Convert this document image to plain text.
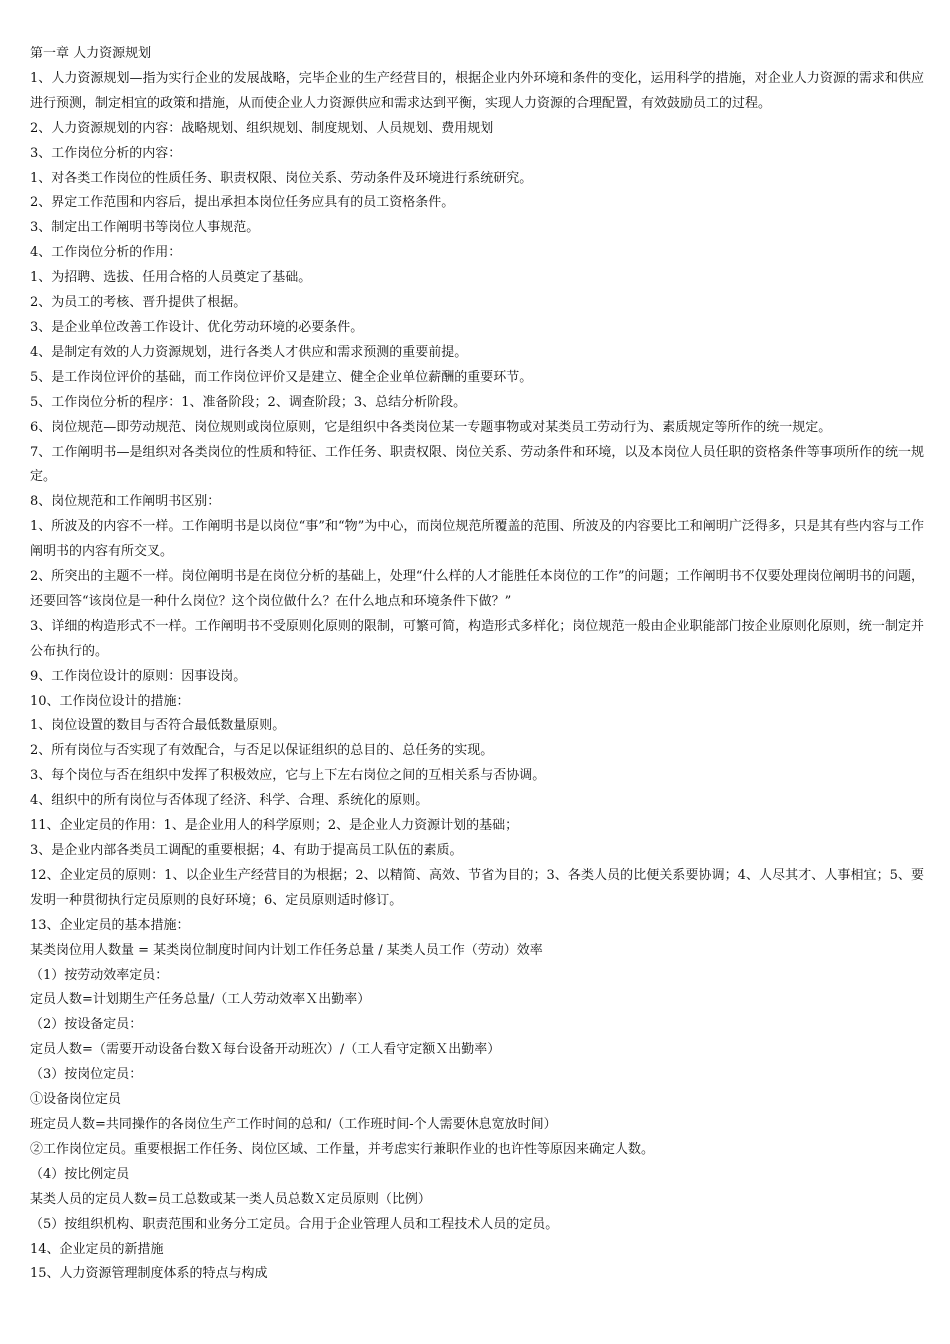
第一章 人力资源规划

1、人力资源规划—指为实行企业的发展战略，完毕企业的生产经营目的，根据企业内外环境和条件的变化，运用科学的措施，对企业人力资源的需求和供应进行预测，制定相宜的政策和措施，从而使企业人力资源供应和需求达到平衡，实现人力资源的合理配置，有效鼓励员工的过程。

2、人力资源规划的内容：战略规划、组织规划、制度规划、人员规划、费用规划

3、工作岗位分析的内容：

1、对各类工作岗位的性质任务、职责权限、岗位关系、劳动条件及环境进行系统研究。

2、界定工作范围和内容后，提出承担本岗位任务应具有的员工资格条件。

3、制定出工作阐明书等岗位人事规范。

4、工作岗位分析的作用：

1、为招聘、选拔、任用合格的人员奠定了基础。

2、为员工的考核、晋升提供了根据。

3、是企业单位改善工作设计、优化劳动环境的必要条件。

4、是制定有效的人力资源规划，进行各类人才供应和需求预测的重要前提。

5、是工作岗位评价的基础，而工作岗位评价又是建立、健全企业单位薪酬的重要环节。

5、工作岗位分析的程序：1、准备阶段；2、调查阶段；3、总结分析阶段。

6、岗位规范—即劳动规范、岗位规则或岗位原则，它是组织中各类岗位某一专题事物或对某类员工劳动行为、素质规定等所作的统一规定。

7、工作阐明书—是组织对各类岗位的性质和特征、工作任务、职责权限、岗位关系、劳动条件和环境，以及本岗位人员任职的资格条件等事项所作的统一规定。

8、岗位规范和工作阐明书区别：

1、所波及的内容不一样。工作阐明书是以岗位“事”和“物”为中心，而岗位规范所覆盖的范围、所波及的内容要比工和阐明广泛得多，只是其有些内容与工作阐明书的内容有所交叉。

2、所突出的主题不一样。岗位阐明书是在岗位分析的基础上，处理“什么样的人才能胜任本岗位的工作”的问题；工作阐明书不仅要处理岗位阐明书的问题，还要回答“该岗位是一种什么岗位？这个岗位做什么？在什么地点和环境条件下做？”

3、详细的构造形式不一样。工作阐明书不受原则化原则的限制，可繁可简，构造形式多样化；岗位规范一般由企业职能部门按企业原则化原则，统一制定并公布执行的。

9、工作岗位设计的原则：因事设岗。

10、工作岗位设计的措施：

1、岗位设置的数目与否符合最低数量原则。

2、所有岗位与否实现了有效配合，与否足以保证组织的总目的、总任务的实现。

3、每个岗位与否在组织中发挥了积极效应，它与上下左右岗位之间的互相关系与否协调。

4、组织中的所有岗位与否体现了经济、科学、合理、系统化的原则。

11、企业定员的作用：1、是企业用人的科学原则；2、是企业人力资源计划的基础；

3、是企业内部各类员工调配的重要根据；4、有助于提高员工队伍的素质。

12、企业定员的原则：1、以企业生产经营目的为根据；2、以精简、高效、节省为目的；3、各类人员的比便关系要协调；4、人尽其才、人事相宜；5、要发明一种贯彻执行定员原则的良好环境；6、定员原则适时修订。

13、企业定员的基本措施：

某类岗位用人数量 = 某类岗位制度时间内计划工作任务总量 / 某类人员工作（劳动）效率

（1）按劳动效率定员：

定员人数=计划期生产任务总量/（工人劳动效率Ｘ出勤率）

（2）按设备定员：

定员人数=（需要开动设备台数Ｘ每台设备开动班次）/（工人看守定额Ｘ出勤率）

（3）按岗位定员：

①设备岗位定员

班定员人数=共同操作的各岗位生产工作时间的总和/（工作班时间-个人需要休息宽放时间）

②工作岗位定员。重要根据工作任务、岗位区域、工作量，并考虑实行兼职作业的也许性等原因来确定人数。

（4）按比例定员

某类人员的定员人数=员工总数或某一类人员总数Ｘ定员原则（比例）

（5）按组织机构、职责范围和业务分工定员。合用于企业管理人员和工程技术人员的定员。

14、企业定员的新措施

15、人力资源管理制度体系的特点与构成
